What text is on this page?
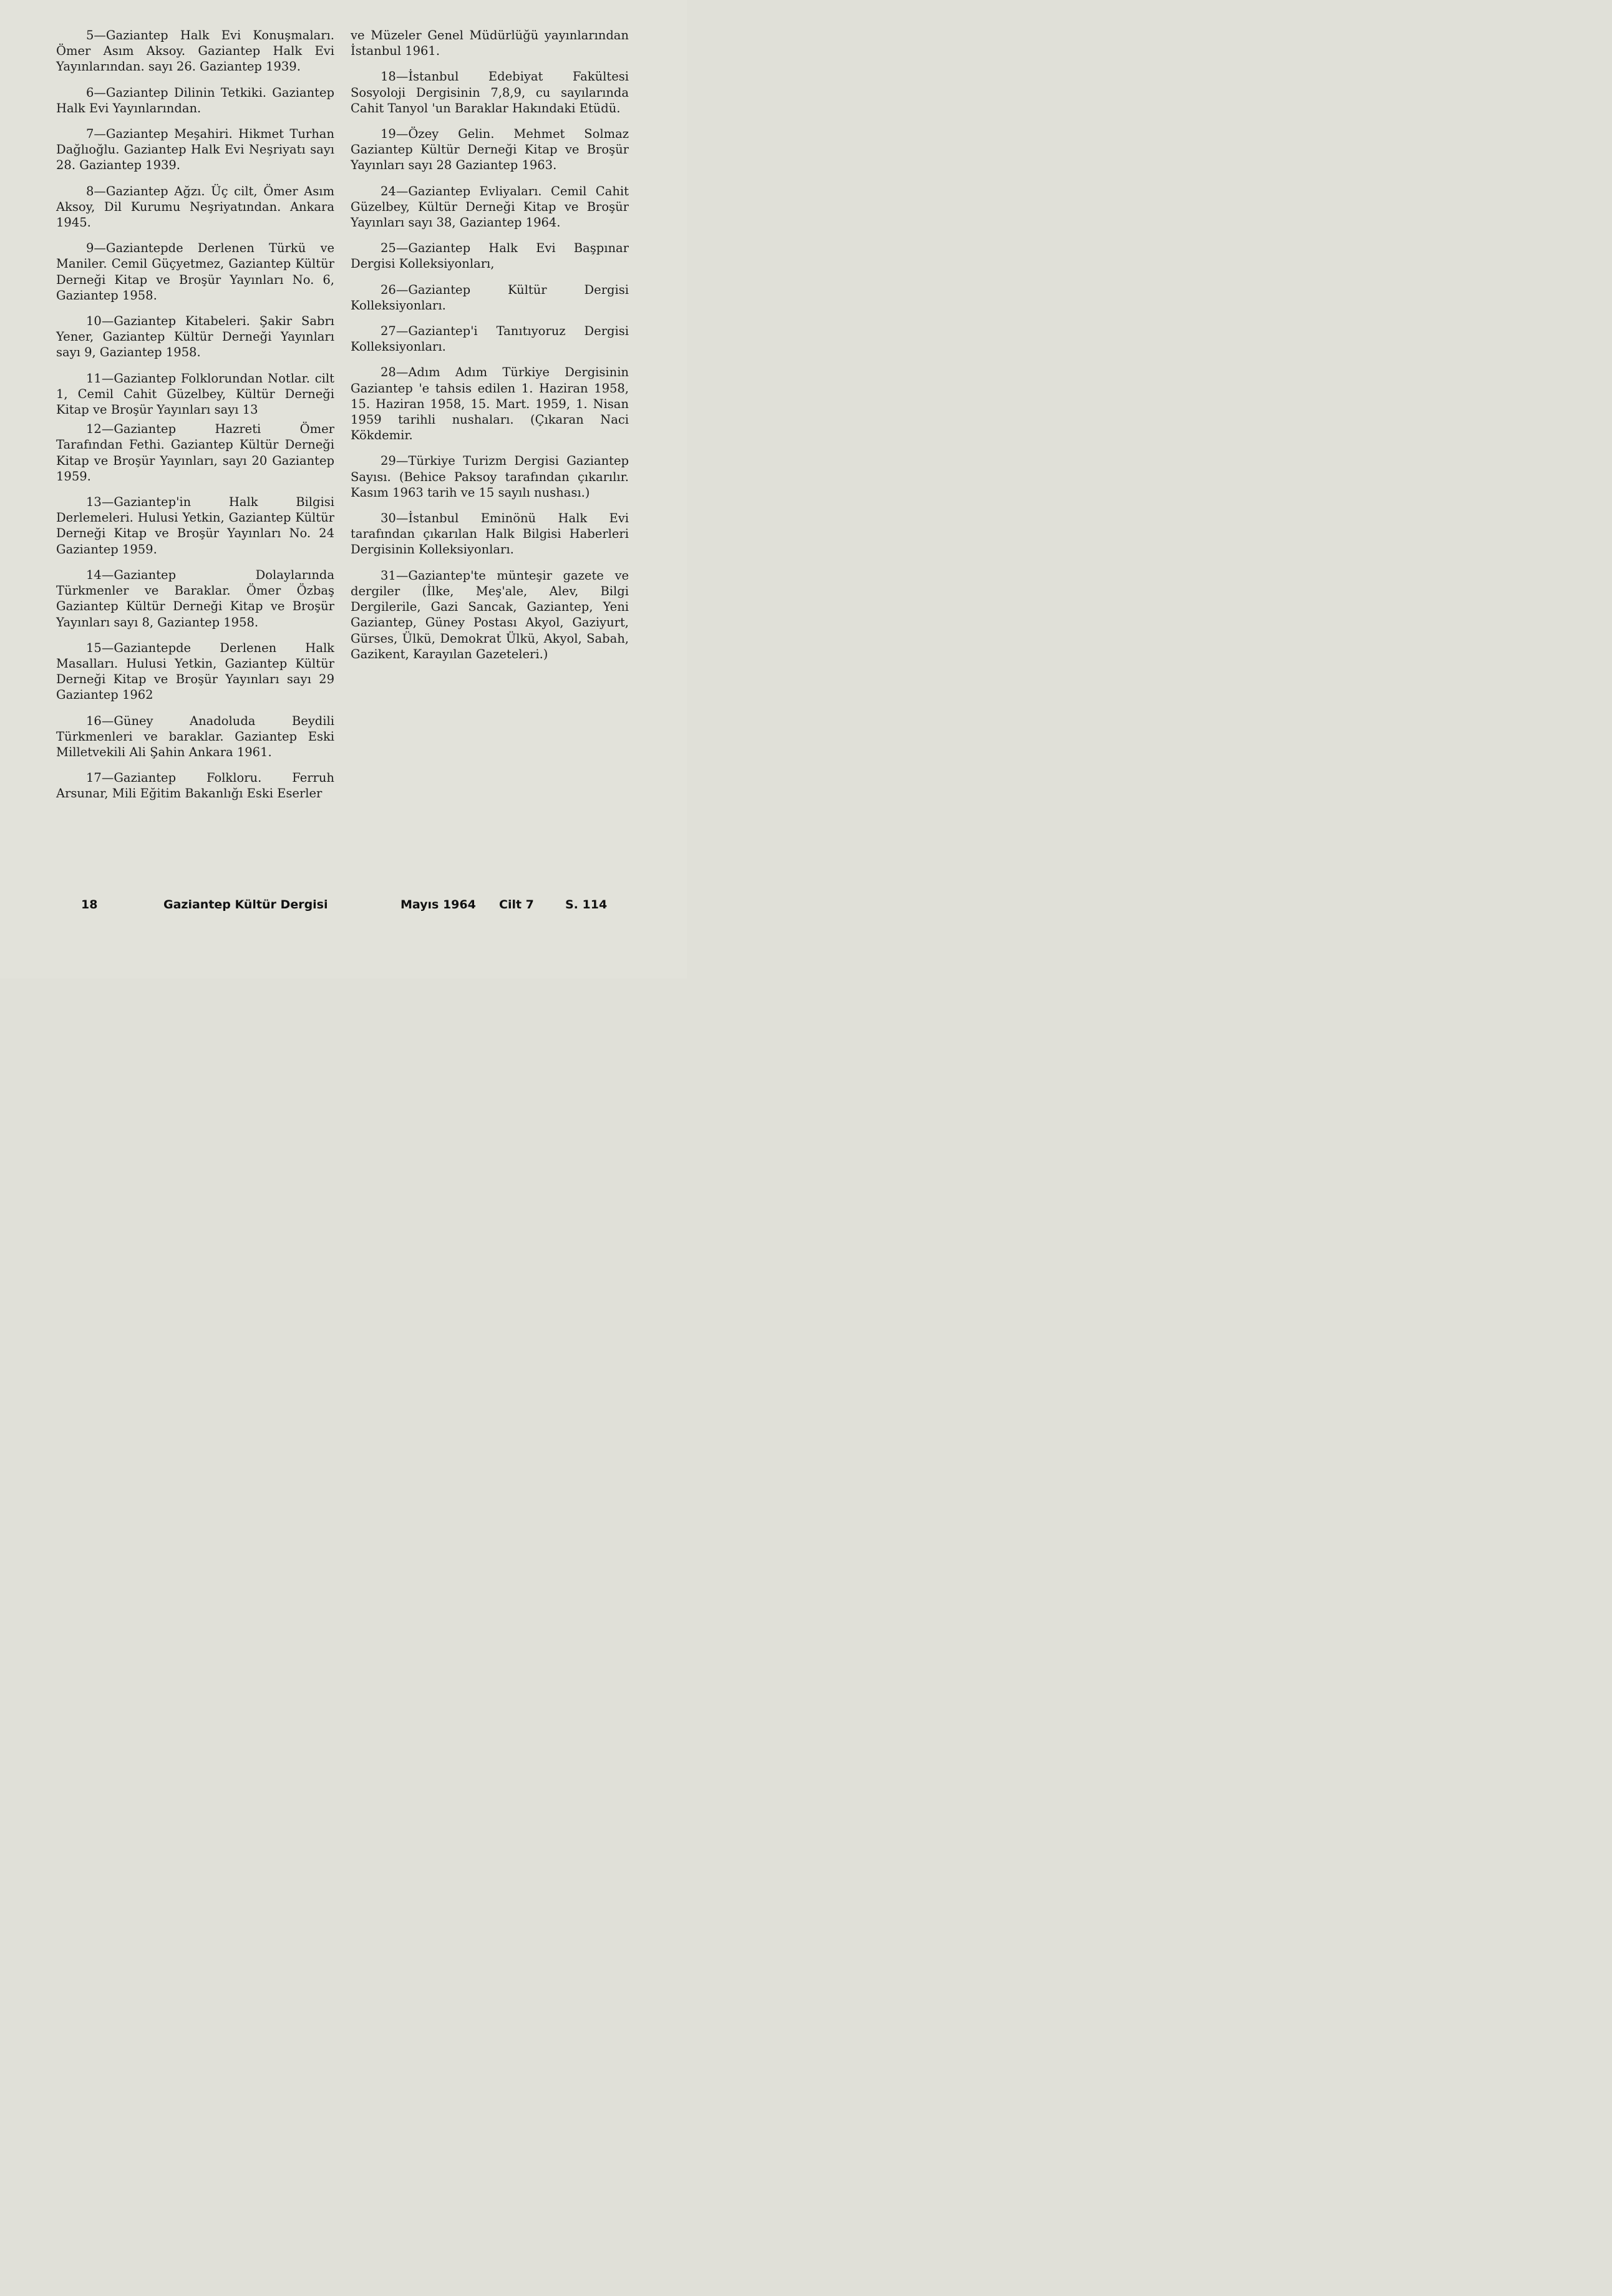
5—Gaziantep Halk Evi Konuşmaları. Ömer Asım Aksoy. Gaziantep Halk Evi Yayınlarından. sayı 26. Gaziantep 1939.

6—Gaziantep Dilinin Tetkiki. Gaziantep Halk Evi Yayınlarından.

7—Gaziantep Meşahiri. Hikmet Turhan Dağlıoğlu. Gaziantep Halk Evi Neşriyatı sayı 28. Gaziantep 1939.

8—Gaziantep Ağzı. Üç cilt, Ömer Asım Aksoy, Dil Kurumu Neşriyatından. Ankara 1945.

9—Gaziantepde Derlenen Türkü ve Maniler. Cemil Güçyetmez, Gaziantep Kültür Derneği Kitap ve Broşür Yayınları No. 6, Gaziantep 1958.

10—Gaziantep Kitabeleri. Şakir Sabrı Yener, Gaziantep Kültür Derneği Yayınları sayı 9, Gaziantep 1958.

11—Gaziantep Folklorundan Notlar. cilt 1, Cemil Cahit Güzelbey, Kültür Derneği Kitap ve Broşür Yayınları sayı 13

12—Gaziantep Hazreti Ömer Tarafından Fethi. Gaziantep Kültür Derneği Kitap ve Broşür Yayınları, sayı 20 Gaziantep 1959.

13—Gaziantep'in Halk Bilgisi Derlemeleri. Hulusi Yetkin, Gaziantep Kültür Derneği Kitap ve Broşür Yayınları No. 24 Gaziantep 1959.

14—Gaziantep Dolaylarında Türkmenler ve Baraklar. Ömer Özbaş Gaziantep Kültür Derneği Kitap ve Broşür Yayınları sayı 8, Gaziantep 1958.

15—Gaziantepde Derlenen Halk Masalları. Hulusi Yetkin, Gaziantep Kültür Derneği Kitap ve Broşür Yayınları sayı 29 Gaziantep 1962

16—Güney Anadoluda Beydili Türkmenleri ve baraklar. Gaziantep Eski Milletvekili Ali Şahin Ankara 1961.

17—Gaziantep Folkloru. Ferruh Arsunar, Mili Eğitim Bakanlığı Eski Eserler

ve Müzeler Genel Müdürlüğü yayınlarından İstanbul 1961.

18—İstanbul Edebiyat Fakültesi Sosyoloji Dergisinin 7,8,9, cu sayılarında Cahit Tanyol 'un Baraklar Hakındaki Etüdü.

19—Özey Gelin. Mehmet Solmaz Gaziantep Kültür Derneği Kitap ve Broşür Yayınları sayı 28 Gaziantep 1963.

24—Gaziantep Evliyaları. Cemil Cahit Güzelbey, Kültür Derneği Kitap ve Broşür Yayınları sayı 38, Gaziantep 1964.

25—Gaziantep Halk Evi Başpınar Dergisi Kolleksiyonları,

26—Gaziantep Kültür Dergisi Kolleksiyonları.

27—Gaziantep'i Tanıtıyoruz Dergisi Kolleksiyonları.

28—Adım Adım Türkiye Dergisinin Gaziantep 'e tahsis edilen 1. Haziran 1958, 15. Haziran 1958, 15. Mart. 1959, 1. Nisan 1959 tarihli nushaları. (Çıkaran Naci Kökdemir.

29—Türkiye Turizm Dergisi Gaziantep Sayısı. (Behice Paksoy tarafından çıkarılır. Kasım 1963 tarih ve 15 sayılı nushası.)

30—İstanbul Eminönü Halk Evi tarafından çıkarılan Halk Bilgisi Haberleri Dergisinin Kolleksiyonları.

31—Gaziantep'te münteşir gazete ve dergiler (İlke, Meş'ale, Alev, Bilgi Dergilerile, Gazi Sancak, Gaziantep, Yeni Gaziantep, Güney Postası Akyol, Gaziyurt, Gürses, Ülkü, Demokrat Ülkü, Akyol, Sabah, Gazikent, Karayılan Gazeteleri.)

18	Gaziantep Kültür Dergisi	Mayıs 1964 Cilt 7	S. 114
